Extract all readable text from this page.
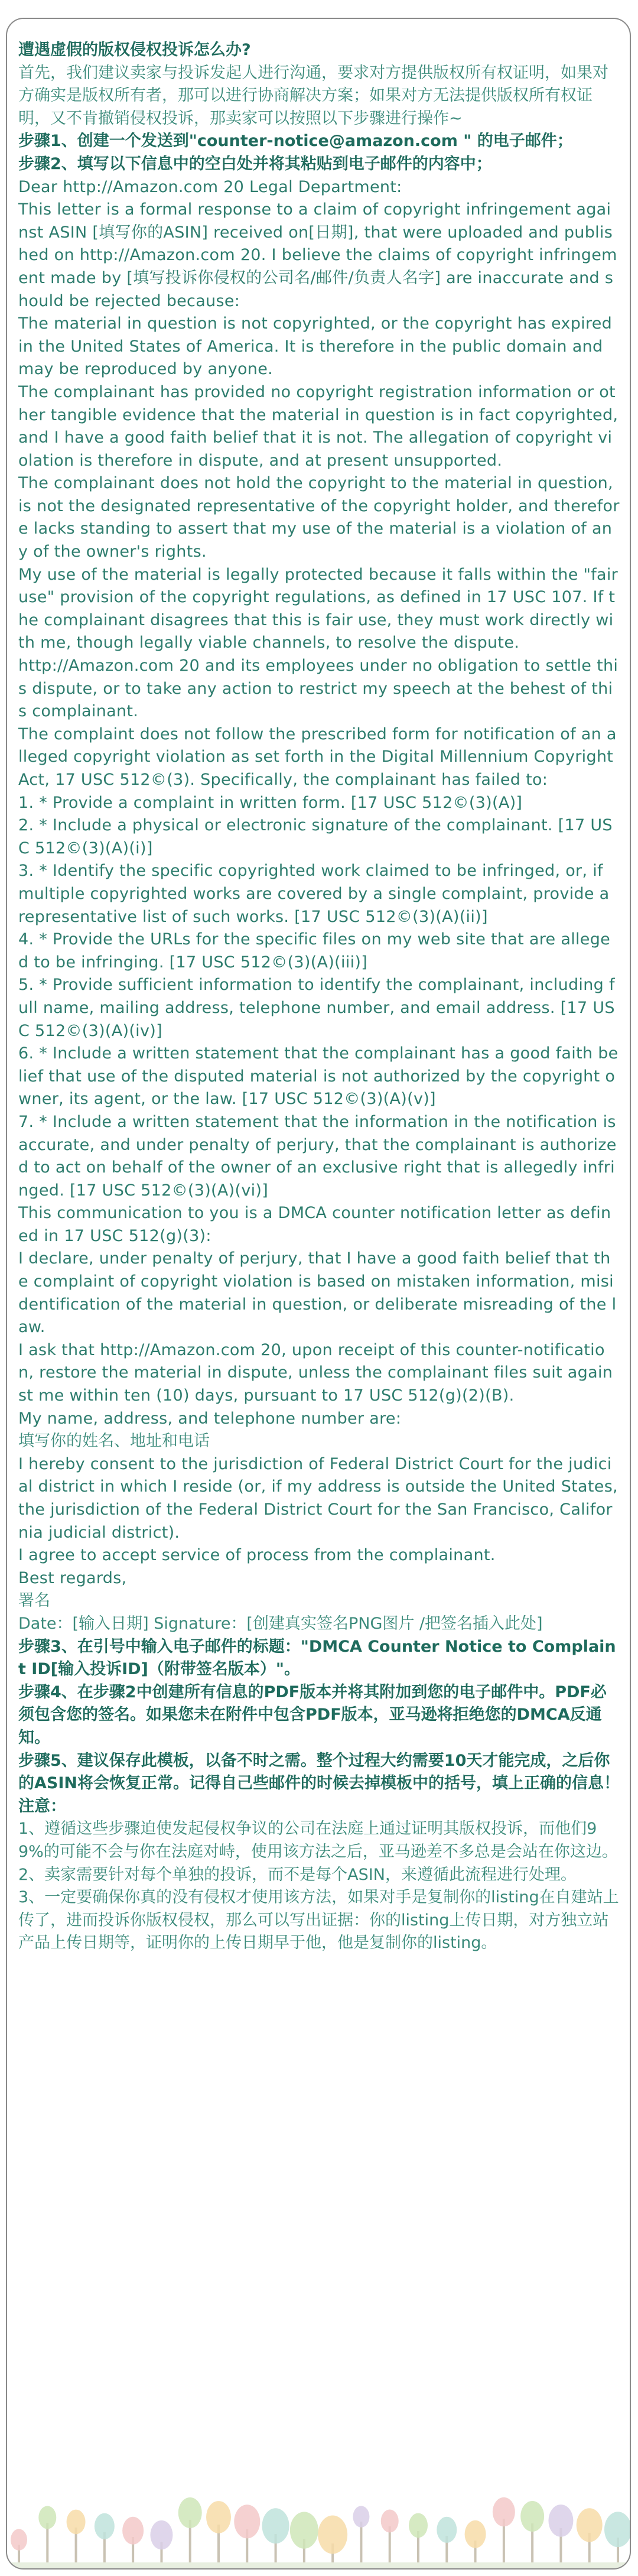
遭遇虚假的版权侵权投诉怎么办?

首先，我们建议卖家与投诉发起人进行沟通，要求对方提供版权所有权证明，如果对方确实是版权所有者，那可以进行协商解决方案；如果对方无法提供版权所有权证明，又不肯撤销侵权投诉，那卖家可以按照以下步骤进行操作~

步骤1、创建一个发送到"counter-notice@amazon.com " 的电子邮件；

步骤2、填写以下信息中的空白处并将其粘贴到电子邮件的内容中；

Dear http://Amazon.com 20 Legal Department:

This letter is a formal response to a claim of copyright infringement against ASIN [填写你的ASIN] received on[日期], that were uploaded and published on http://Amazon.com 20. I believe the claims of copyright infringement made by [填写投诉你侵权的公司名/邮件/负责人名字] are inaccurate and should be rejected because:

The material in question is not copyrighted, or the copyright has expired in the United States of America. It is therefore in the public domain and may be reproduced by anyone.

The complainant has provided no copyright registration information or other tangible evidence that the material in question is in fact copyrighted, and I have a good faith belief that it is not. The allegation of copyright violation is therefore in dispute, and at present unsupported.

The complainant does not hold the copyright to the material in question, is not the designated representative of the copyright holder, and therefore lacks standing to assert that my use of the material is a violation of any of the owner's rights.

My use of the material is legally protected because it falls within the "fair use" provision of the copyright regulations, as defined in 17 USC 107. If the complainant disagrees that this is fair use, they must work directly with me, though legally viable channels, to resolve the dispute.

http://Amazon.com 20 and its employees under no obligation to settle this dispute, or to take any action to restrict my speech at the behest of this complainant.

The complaint does not follow the prescribed form for notification of an alleged copyright violation as set forth in the Digital Millennium Copyright Act, 17 USC 512©(3). Specifically, the complainant has failed to:

1. * Provide a complaint in written form. [17 USC 512©(3)(A)]

2. * Include a physical or electronic signature of the complainant. [17 USC 512©(3)(A)(i)]

3. * Identify the specific copyrighted work claimed to be infringed, or, if multiple copyrighted works are covered by a single complaint, provide a representative list of such works. [17 USC 512©(3)(A)(ii)]

4. * Provide the URLs for the specific files on my web site that are alleged to be infringing. [17 USC 512©(3)(A)(iii)]

5. * Provide sufficient information to identify the complainant, including full name, mailing address, telephone number, and email address. [17 USC 512©(3)(A)(iv)]

6. * Include a written statement that the complainant has a good faith belief that use of the disputed material is not authorized by the copyright owner, its agent, or the law. [17 USC 512©(3)(A)(v)]

7. * Include a written statement that the information in the notification is accurate, and under penalty of perjury, that the complainant is authorized to act on behalf of the owner of an exclusive right that is allegedly infringed. [17 USC 512©(3)(A)(vi)]

This communication to you is a DMCA counter notification letter as defined in 17 USC 512(g)(3):

I declare, under penalty of perjury, that I have a good faith belief that the complaint of copyright violation is based on mistaken information, misidentification of the material in question, or deliberate misreading of the law.

I ask that http://Amazon.com 20, upon receipt of this counter-notification, restore the material in dispute, unless the complainant files suit against me within ten (10) days, pursuant to 17 USC 512(g)(2)(B).

My name, address, and telephone number are:

填写你的姓名、地址和电话

I hereby consent to the jurisdiction of Federal District Court for the judicial district in which I reside (or, if my address is outside the United States, the jurisdiction of the Federal District Court for the San Francisco, California judicial district).

I agree to accept service of process from the complainant.

Best regards,

署名

Date：[输入日期] Signature：[创建真实签名PNG图片 /把签名插入此处]

步骤3、在引号中输入电子邮件的标题："DMCA Counter Notice to Complaint ID[输入投诉ID]（附带签名版本）"。

步骤4、在步骤2中创建所有信息的PDF版本并将其附加到您的电子邮件中。PDF必须包含您的签名。如果您未在附件中包含PDF版本，亚马逊将拒绝您的DMCA反通知。

步骤5、建议保存此模板，以备不时之需。整个过程大约需要10天才能完成，之后你的ASIN将会恢复正常。记得自己些邮件的时候去掉模板中的括号，填上正确的信息！

注意：

1、遵循这些步骤迫使发起侵权争议的公司在法庭上通过证明其版权投诉，而他们99%的可能不会与你在法庭对峙，使用该方法之后，亚马逊差不多总是会站在你这边。

2、卖家需要针对每个单独的投诉，而不是每个ASIN，来遵循此流程进行处理。

3、一定要确保你真的没有侵权才使用该方法，如果对手是复制你的listing在自建站上传了，进而投诉你版权侵权，那么可以写出证据：你的listing上传日期，对方独立站产品上传日期等，证明你的上传日期早于他，他是复制你的listing。
